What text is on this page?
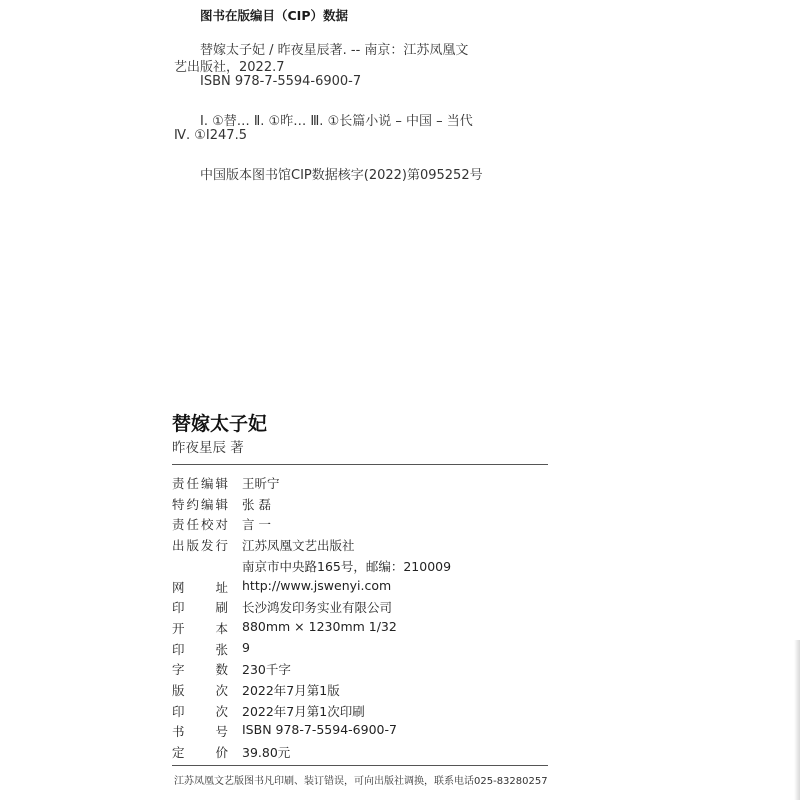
图书在版编目（CIP）数据
替嫁太子妃 / 昨夜星辰著. -- 南京：江苏凤凰文
艺出版社，2022.7
ISBN 978-7-5594-6900-7
Ⅰ. ①替… Ⅱ. ①昨… Ⅲ. ①长篇小说 – 中国 – 当代
Ⅳ. ①I247.5
中国版本图书馆CIP数据核字(2022)第095252号
替嫁太子妃
昨夜星辰 著
责 任 编 辑 王昕宁
特 约 编 辑 张 磊
责 任 校 对 言 一
出 版 发 行 江苏凤凰文艺出版社
南京市中央路165号，邮编：210009
网 址 http://www.jswenyi.com
印 刷 长沙鸿发印务实业有限公司
开 本 880mm × 1230mm 1/32
印 张 9
字 数 230千字
版 次 2022年7月第1版
印 次 2022年7月第1次印刷
书 号 ISBN 978-7-5594-6900-7
定 价 39.80元
江苏凤凰文艺版图书凡印刷、装订错误，可向出版社调换，联系电话025-83280257
